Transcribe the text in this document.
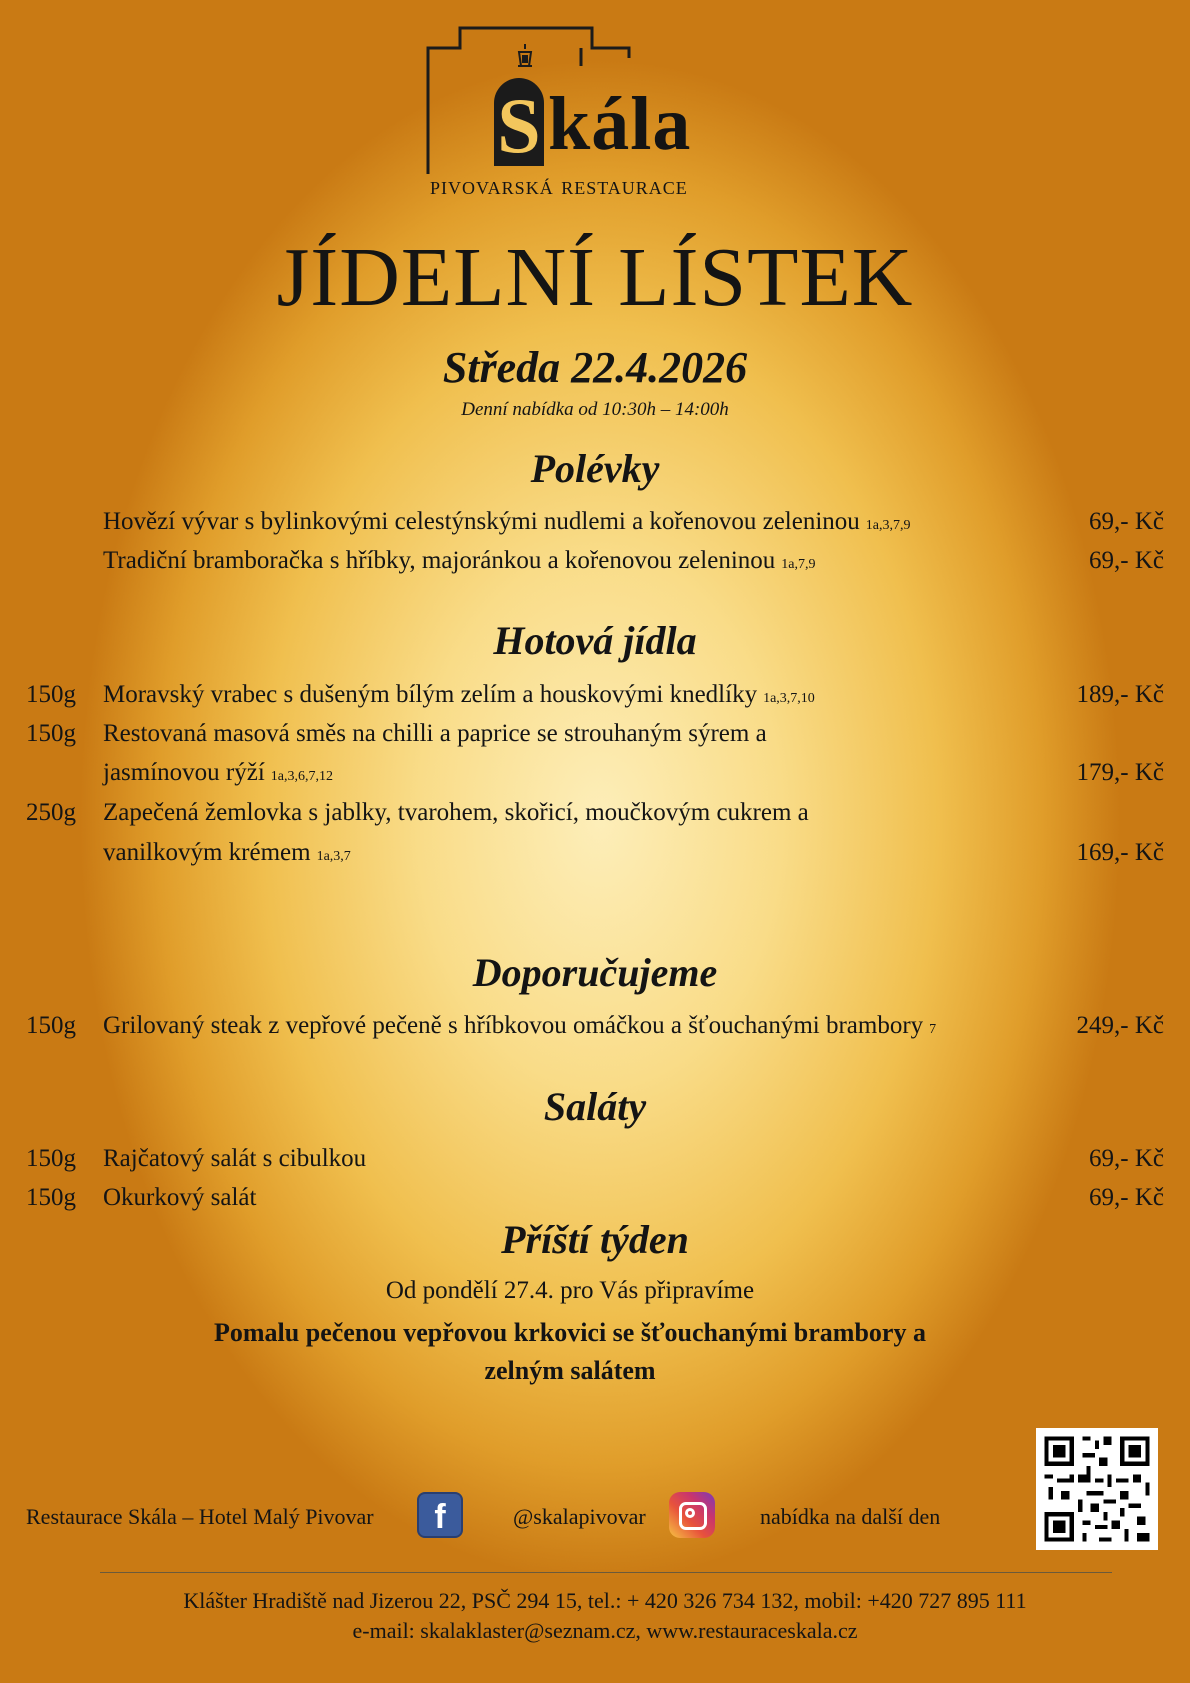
S kála
pivovarská restaurace
JÍDELNÍ LÍSTEK
Středa 22.4.2026
Denní nabídka od 10:30h – 14:00h
Polévky
Hovězí vývar s bylinkovými celestýnskými nudlemi a kořenovou zeleninou 1a,3,7,9	69,- Kč
Tradiční bramboračka s hříbky, majoránkou a kořenovou zeleninou 1a,7,9	69,- Kč
Hotová jídla
150g Moravský vrabec s dušeným bílým zelím a houskovými knedlíky 1a,3,7,10	189,- Kč
150g Restovaná masová směs na chilli a paprice se strouhaným sýrem a
jasmínovou rýží 1a,3,6,7,12	179,- Kč
250g Zapečená žemlovka s jablky, tvarohem, skořicí, moučkovým cukrem a
vanilkovým krémem 1a,3,7	169,- Kč
Doporučujeme
150g Grilovaný steak z vepřové pečeně s hříbkovou omáčkou a šťouchanými brambory 7	249,- Kč
Saláty
150g Rajčatový salát s cibulkou	69,- Kč
150g Okurkový salát	69,- Kč
Příští týden
Od pondělí 27.4. pro Vás připravíme
Pomalu pečenou vepřovou krkovici se šťouchanými brambory a
zelným salátem
Restaurace Skála – Hotel Malý Pivovar	f	@skalapivovar	nabídka na další den
Klášter Hradiště nad Jizerou 22, PSČ 294 15, tel.: + 420 326 734 132, mobil: +420 727 895 111
e-mail: skalaklaster@seznam.cz, www.restauraceskala.cz
